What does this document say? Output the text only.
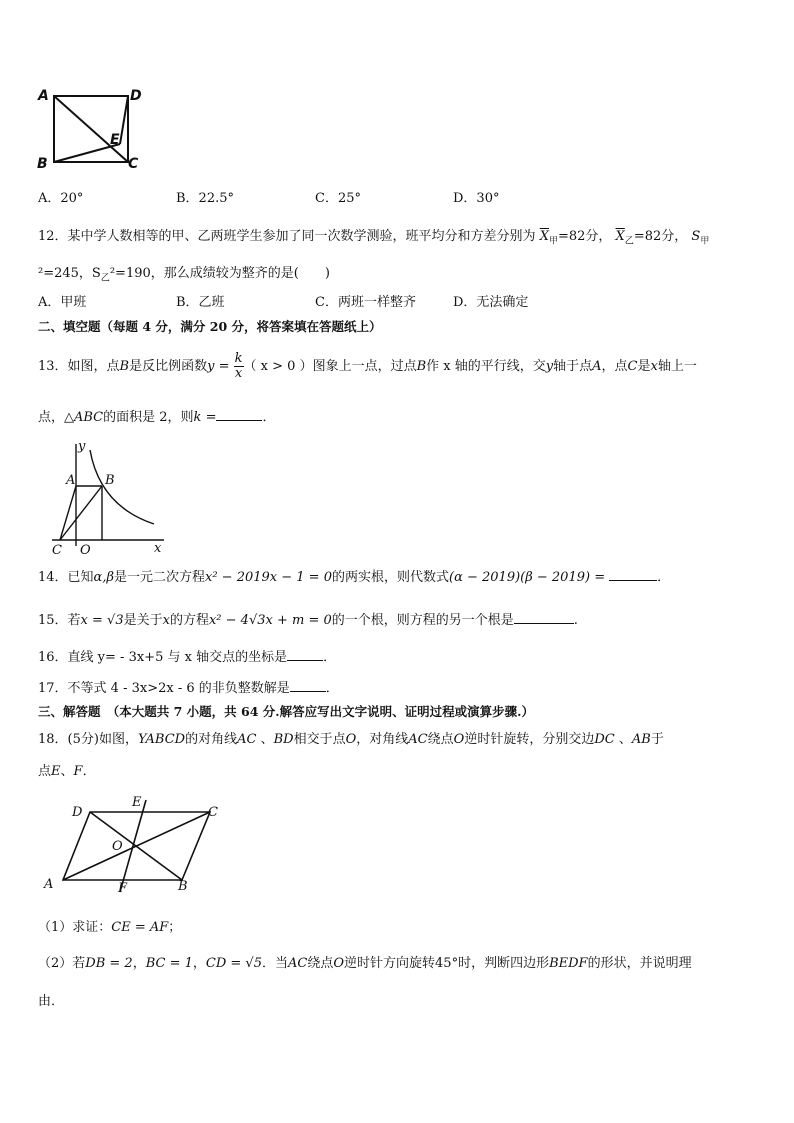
A	D
E
B	C
A．20°	B．22.5°	C．25°	D．30°
12．某中学人数相等的甲、乙两班学生参加了同一次数学测验，班平均分和方差分别为 $\overline{X}_甲=82$分， $\overline{X}_乙=82$分， $S_甲$
²=245，$S_乙^2=190$，那么成绩较为整齐的是(　　)
A．甲班	B．乙班	C．两班一样整齐	D．无法确定
二、填空题（每题 4 分，满分 20 分，将答案填在答题纸上）
13．如图，点B是反比例函数$y = \frac{k}{x}$ （ x > 0 ）图象上一点，过点B作 x 轴的平行线，交y轴于点A，点C是x轴上一
点，△ABC的面积是 2，则k =	．
y
x
A B
C O
14．已知α,β是一元二次方程x² − 2019x − 1 = 0的两实根，则代数式(α − 2019)(β − 2019) =	．
15．若x = √3是关于x的方程x² − 4√3x + m = 0的一个根，则方程的另一个根是	.
16．直线 y= - 3x+5 与 x 轴交点的坐标是	．
17．不等式 4 - 3x>2x - 6 的非负整数解是	．
三、解答题　（本大题共 7 小题，共 64 分.解答应写出文字说明、证明过程或演算步骤.）
18．(5分)如图，YABCD的对角线AC 、BD相交于点O，对角线AC绕点O逆时针旋转，分别交边DC 、AB于
点E、F．
D
E
C
O
A	F	B
（1）求证：CE = AF；
（2）若DB = 2，BC = 1，CD = √5．当AC绕点O逆时针方向旋转45°时，判断四边形BEDF的形状，并说明理
由．
